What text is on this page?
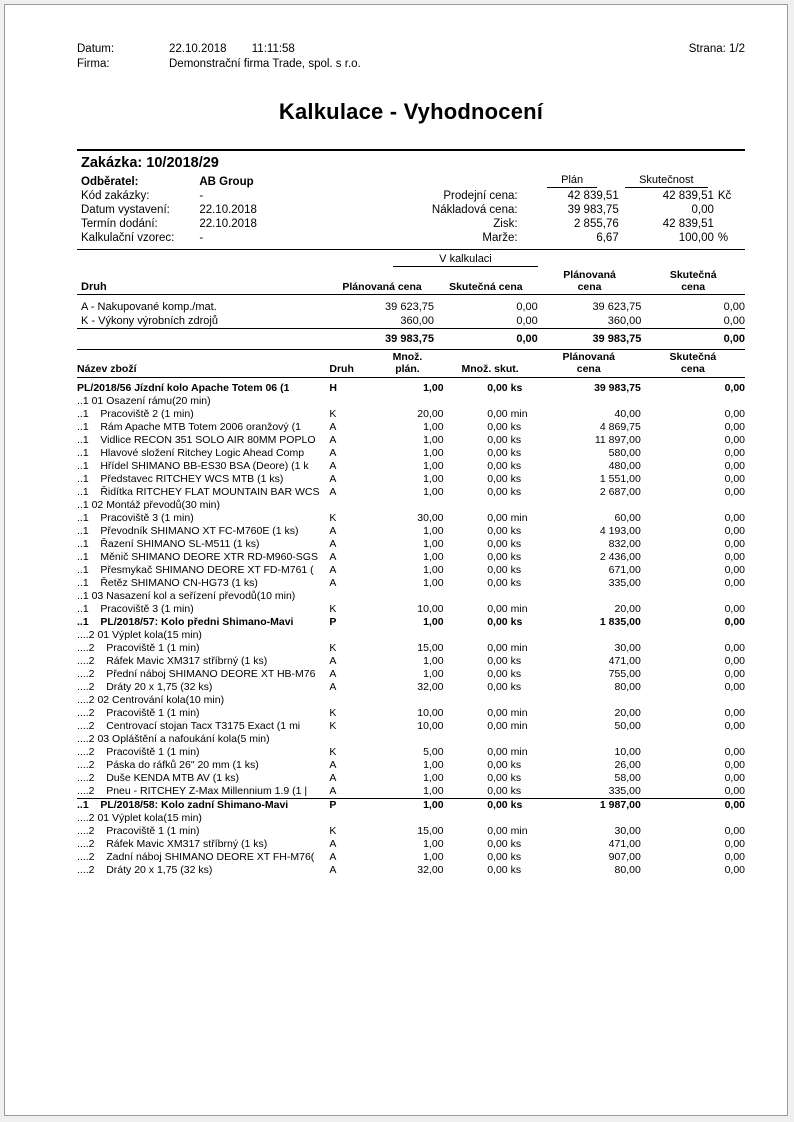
Datum:	22.10.2018 11:11:58	Strana: 1/2
Firma:	Demonstrační firma Trade, spol. s r.o.	
Kalkulace - Vyhodnocení
Zakázka: 10/2018/29
Odběratel:	AB Group		Plán	Skutečnost	
Kód zakázky:	-	Prodejní cena:	42 839,51	42 839,51	Kč
Datum vystavení:	22.10.2018	Nákladová cena:	39 983,75	0,00	
Termín dodání:	22.10.2018	Zisk:	2 855,76	42 839,51	
Kalkulační vzorec:	-	Marže:	6,67	100,00	%
	V kalkulaci			
Druh	Plánovaná cena	Skutečná cena	Plánovaná
cena	Skutečná
cena

A - Nakupované komp./mat.	39 623,75	0,00	39 623,75	0,00
K - Výkony výrobních zdrojů	360,00	0,00	360,00	0,00
	39 983,75	0,00	39 983,75	0,00
Název zboží	Druh	Množ.
plán.	Množ. skut.		Plánovaná
cena	Skutečná
cena

PL/2018/56 Jízdní kolo Apache Totem 06 (1	H	1,00	0,00	ks	39 983,75	0,00
..1 01 Osazení rámu(20 min)						
..1    Pracoviště 2 (1 min)	K	20,00	0,00	min	40,00	0,00
..1    Rám Apache MTB Totem 2006 oranžový (1	A	1,00	0,00	ks	4 869,75	0,00
..1    Vidlice RECON 351 SOLO AIR 80MM POPLO	A	1,00	0,00	ks	11 897,00	0,00
..1    Hlavové složení Ritchey Logic Ahead Comp	A	1,00	0,00	ks	580,00	0,00
..1    Hřídel SHIMANO BB-ES30 BSA (Deore) (1 k	A	1,00	0,00	ks	480,00	0,00
..1    Představec RITCHEY WCS MTB (1 ks)	A	1,00	0,00	ks	1 551,00	0,00
..1    Řidítka RITCHEY FLAT MOUNTAIN BAR WCS	A	1,00	0,00	ks	2 687,00	0,00
..1 02 Montáž převodů(30 min)						
..1    Pracoviště 3 (1 min)	K	30,00	0,00	min	60,00	0,00
..1    Převodník SHIMANO XT FC-M760E (1 ks)	A	1,00	0,00	ks	4 193,00	0,00
..1    Řazení SHIMANO SL-M511 (1 ks)	A	1,00	0,00	ks	832,00	0,00
..1    Měnič SHIMANO DEORE XTR RD-M960-SGS	A	1,00	0,00	ks	2 436,00	0,00
..1    Přesmykač SHIMANO DEORE XT FD-M761 (	A	1,00	0,00	ks	671,00	0,00
..1    Řetěz SHIMANO CN-HG73 (1 ks)	A	1,00	0,00	ks	335,00	0,00
..1 03 Nasazení kol a seřízení převodů(10 min)						
..1    Pracoviště 3 (1 min)	K	10,00	0,00	min	20,00	0,00
..1    PL/2018/57: Kolo předni Shimano-Mavi	P	1,00	0,00	ks	1 835,00	0,00
....2 01 Výplet kola(15 min)						
....2    Pracoviště 1 (1 min)	K	15,00	0,00	min	30,00	0,00
....2    Ráfek Mavic XM317 stříbrný (1 ks)	A	1,00	0,00	ks	471,00	0,00
....2    Přední náboj SHIMANO DEORE XT HB-M76	A	1,00	0,00	ks	755,00	0,00
....2    Dráty 20 x 1,75 (32 ks)	A	32,00	0,00	ks	80,00	0,00
....2 02 Centrování kola(10 min)						
....2    Pracoviště 1 (1 min)	K	10,00	0,00	min	20,00	0,00
....2    Centrovací stojan Tacx T3175 Exact (1 mi	K	10,00	0,00	min	50,00	0,00
....2 03 Opláštění a nafoukání kola(5 min)						
....2    Pracoviště 1 (1 min)	K	5,00	0,00	min	10,00	0,00
....2    Páska do ráfků 26" 20 mm (1 ks)	A	1,00	0,00	ks	26,00	0,00
....2    Duše KENDA MTB AV (1 ks)	A	1,00	0,00	ks	58,00	0,00
....2    Pneu - RITCHEY Z-Max Millennium 1.9 (1 |	A	1,00	0,00	ks	335,00	0,00
..1    PL/2018/58: Kolo zadní Shimano-Mavi	P	1,00	0,00	ks	1 987,00	0,00
....2 01 Výplet kola(15 min)						
....2    Pracoviště 1 (1 min)	K	15,00	0,00	min	30,00	0,00
....2    Ráfek Mavic XM317 stříbrný (1 ks)	A	1,00	0,00	ks	471,00	0,00
....2    Zadní náboj SHIMANO DEORE XT FH-M76(	A	1,00	0,00	ks	907,00	0,00
....2    Dráty 20 x 1,75 (32 ks)	A	32,00	0,00	ks	80,00	0,00
